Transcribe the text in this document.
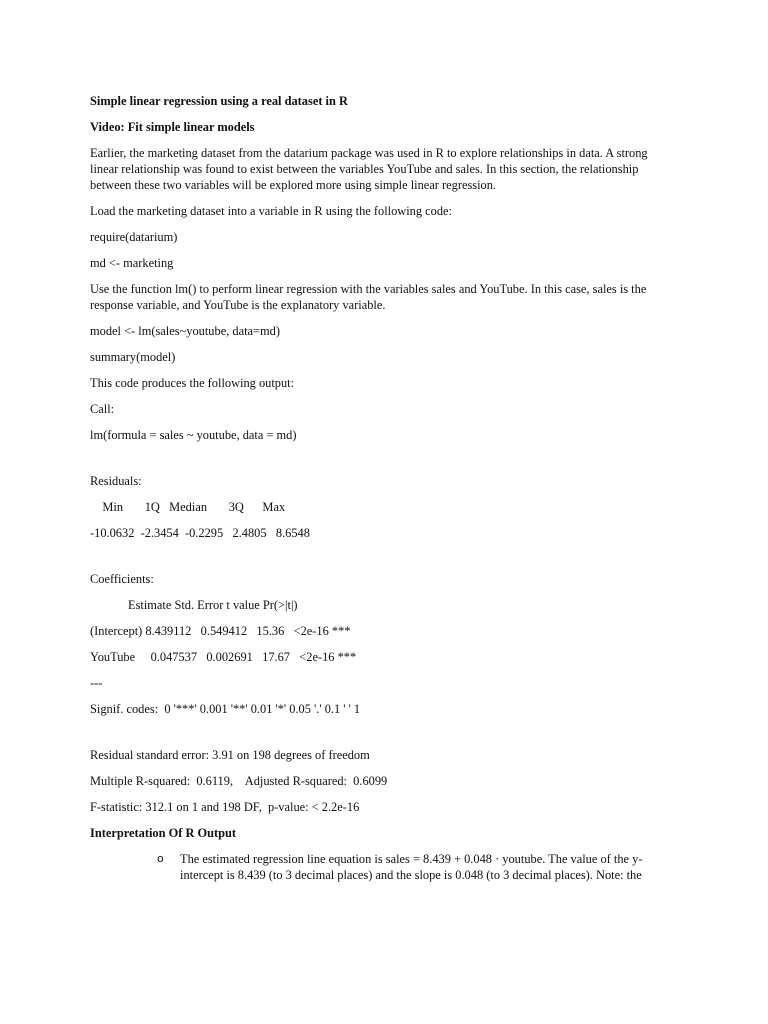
Simple linear regression using a real dataset in R

Video: Fit simple linear models

Earlier, the marketing dataset from the datarium package was used in R to explore relationships in data. A strong linear relationship was found to exist between the variables YouTube and sales. In this section, the relationship between these two variables will be explored more using simple linear regression.

Load the marketing dataset into a variable in R using the following code:

require(datarium)

md <- marketing

Use the function lm() to perform linear regression with the variables sales and YouTube. In this case, sales is the response variable, and YouTube is the explanatory variable.

model <- lm(sales~youtube, data=md)

summary(model)

This code produces the following output:

Call:

lm(formula = sales ~ youtube, data = md)

Residuals:

Min       1Q   Median       3Q      Max

-10.0632  -2.3454  -0.2295   2.4805   8.6548

Coefficients:

Estimate Std. Error t value Pr(>|t|)

(Intercept) 8.439112   0.549412   15.36   <2e-16 ***

YouTube     0.047537   0.002691   17.67   <2e-16 ***

---

Signif. codes:  0 '***' 0.001 '**' 0.01 '*' 0.05 '.' 0.1 ' ' 1

Residual standard error: 3.91 on 198 degrees of freedom

Multiple R-squared:  0.6119,    Adjusted R-squared:  0.6099

F-statistic: 312.1 on 1 and 198 DF,  p-value: < 2.2e-16

Interpretation Of R Output

o The estimated regression line equation is sales = 8.439 + 0.048 · youtube. The value of the y-intercept is 8.439 (to 3 decimal places) and the slope is 0.048 (to 3 decimal places). Note: the
